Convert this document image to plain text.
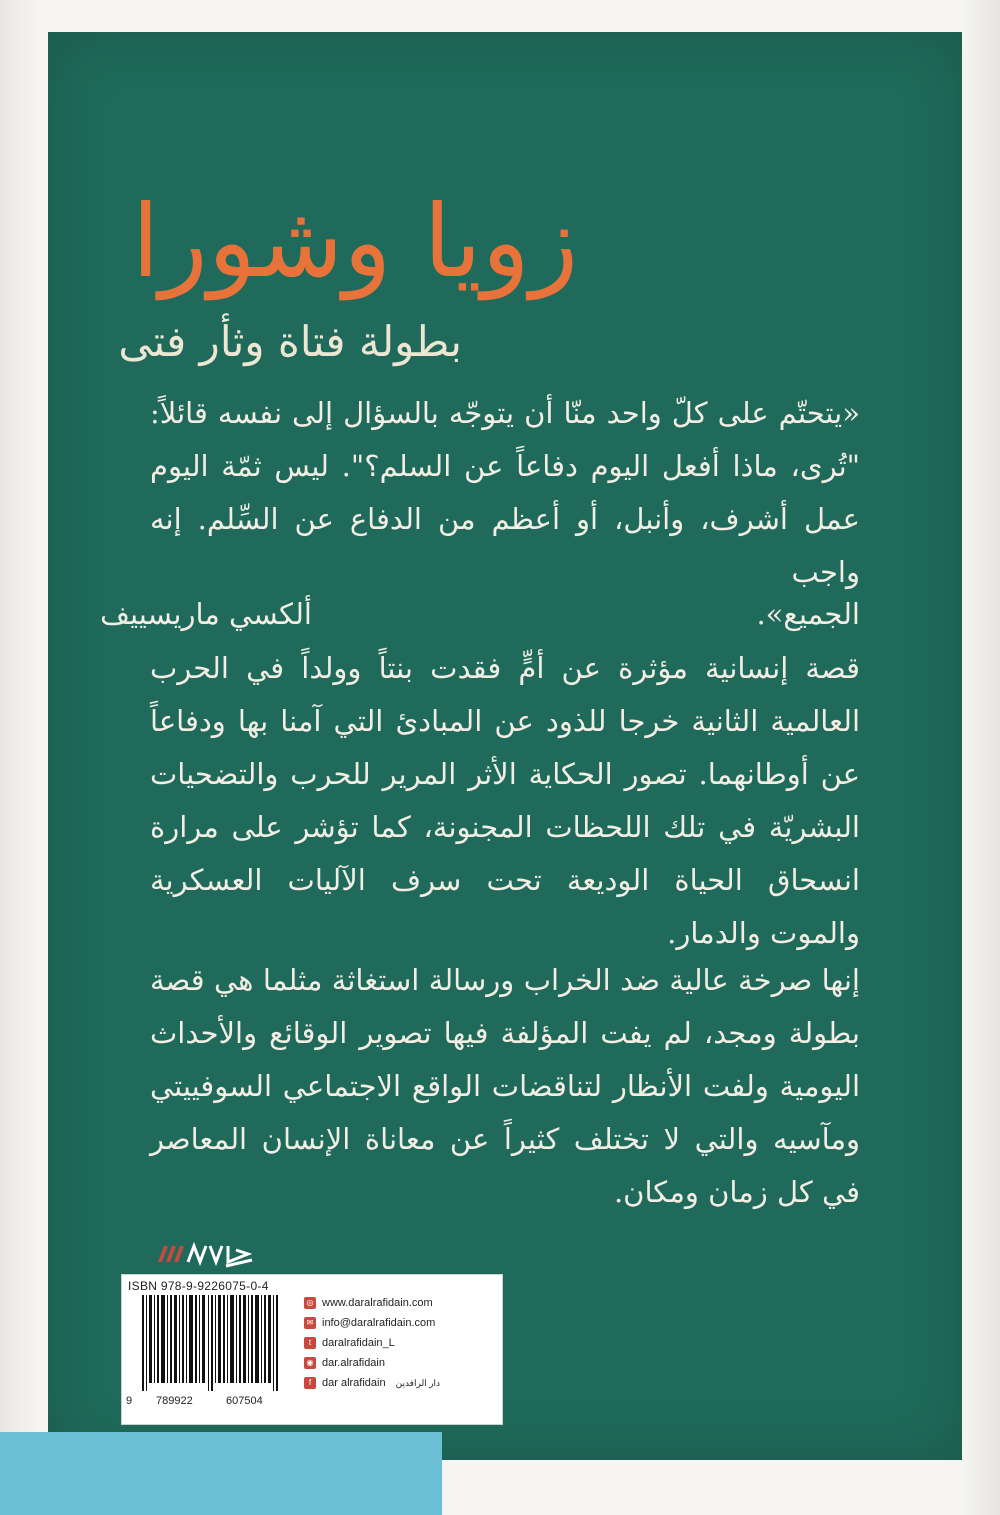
زويا وشورا
بطولة فتاة وثأر فتى
«يتحتّم على كلّ واحد منّا أن يتوجّه بالسؤال إلى نفسه قائلاً: "تُرى، ماذا أفعل اليوم دفاعاً عن السلم؟". ليس ثمّة اليوم عمل أشرف، وأنبل، أو أعظم من الدفاع عن السِّلم. إنه واجب
الجميع».
ألكسي ماريسييف
قصة إنسانية مؤثرة عن أمٍّ فقدت بنتاً وولداً في الحرب العالمية الثانية خرجا للذود عن المبادئ التي آمنا بها ودفاعاً عن أوطانهما. تصور الحكاية الأثر المرير للحرب والتضحيات البشريّة في تلك اللحظات المجنونة، كما تؤشر على مرارة انسحاق الحياة الوديعة تحت سرف الآليات العسكرية والموت والدمار.
إنها صرخة عالية ضد الخراب ورسالة استغاثة مثلما هي قصة بطولة ومجد، لم يفت المؤلفة فيها تصوير الوقائع والأحداث اليومية ولفت الأنظار لتناقضات الواقع الاجتماعي السوفييتي ومآسيه والتي لا تختلف كثيراً عن معاناة الإنسان المعاصر في كل زمان ومكان.
ISBN 978-9-9226075-0-4
9 789922	607504
◎ www.daralrafidain.com
✉ info@daralrafidain.com
t daralrafidain_L
◉ dar.alrafidain
f dar alrafidain دار الرافدين
